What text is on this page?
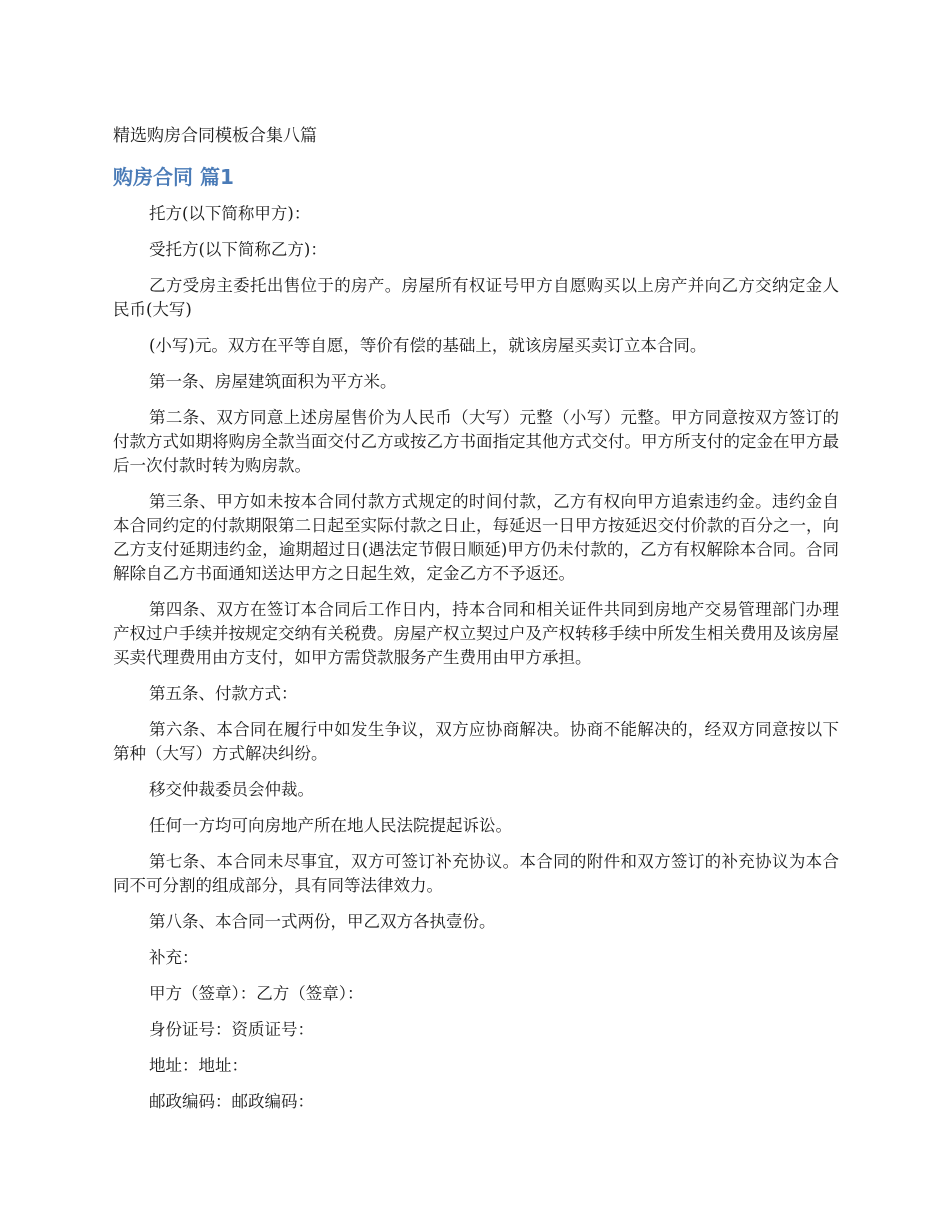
精选购房合同模板合集八篇

购房合同 篇1

托方(以下简称甲方)：

受托方(以下简称乙方)：

乙方受房主委托出售位于的房产。房屋所有权证号甲方自愿购买以上房产并向乙方交纳定金人民币(大写)

(小写)元。双方在平等自愿，等价有偿的基础上，就该房屋买卖订立本合同。

第一条、房屋建筑面积为平方米。

第二条、双方同意上述房屋售价为人民币（大写）元整（小写）元整。甲方同意按双方签订的付款方式如期将购房全款当面交付乙方或按乙方书面指定其他方式交付。甲方所支付的定金在甲方最后一次付款时转为购房款。

第三条、甲方如未按本合同付款方式规定的时间付款，乙方有权向甲方追索违约金。违约金自本合同约定的付款期限第二日起至实际付款之日止，每延迟一日甲方按延迟交付价款的百分之一，向乙方支付延期违约金，逾期超过日(遇法定节假日顺延)甲方仍未付款的，乙方有权解除本合同。合同解除自乙方书面通知送达甲方之日起生效，定金乙方不予返还。

第四条、双方在签订本合同后工作日内，持本合同和相关证件共同到房地产交易管理部门办理产权过户手续并按规定交纳有关税费。房屋产权立契过户及产权转移手续中所发生相关费用及该房屋买卖代理费用由方支付，如甲方需贷款服务产生费用由甲方承担。

第五条、付款方式：

第六条、本合同在履行中如发生争议，双方应协商解决。协商不能解决的，经双方同意按以下第种（大写）方式解决纠纷。

移交仲裁委员会仲裁。

任何一方均可向房地产所在地人民法院提起诉讼。

第七条、本合同未尽事宜，双方可签订补充协议。本合同的附件和双方签订的补充协议为本合同不可分割的组成部分，具有同等法律效力。

第八条、本合同一式两份，甲乙双方各执壹份。

补充：

甲方（签章）：乙方（签章）：

身份证号：资质证号：

地址：地址：

邮政编码：邮政编码：
